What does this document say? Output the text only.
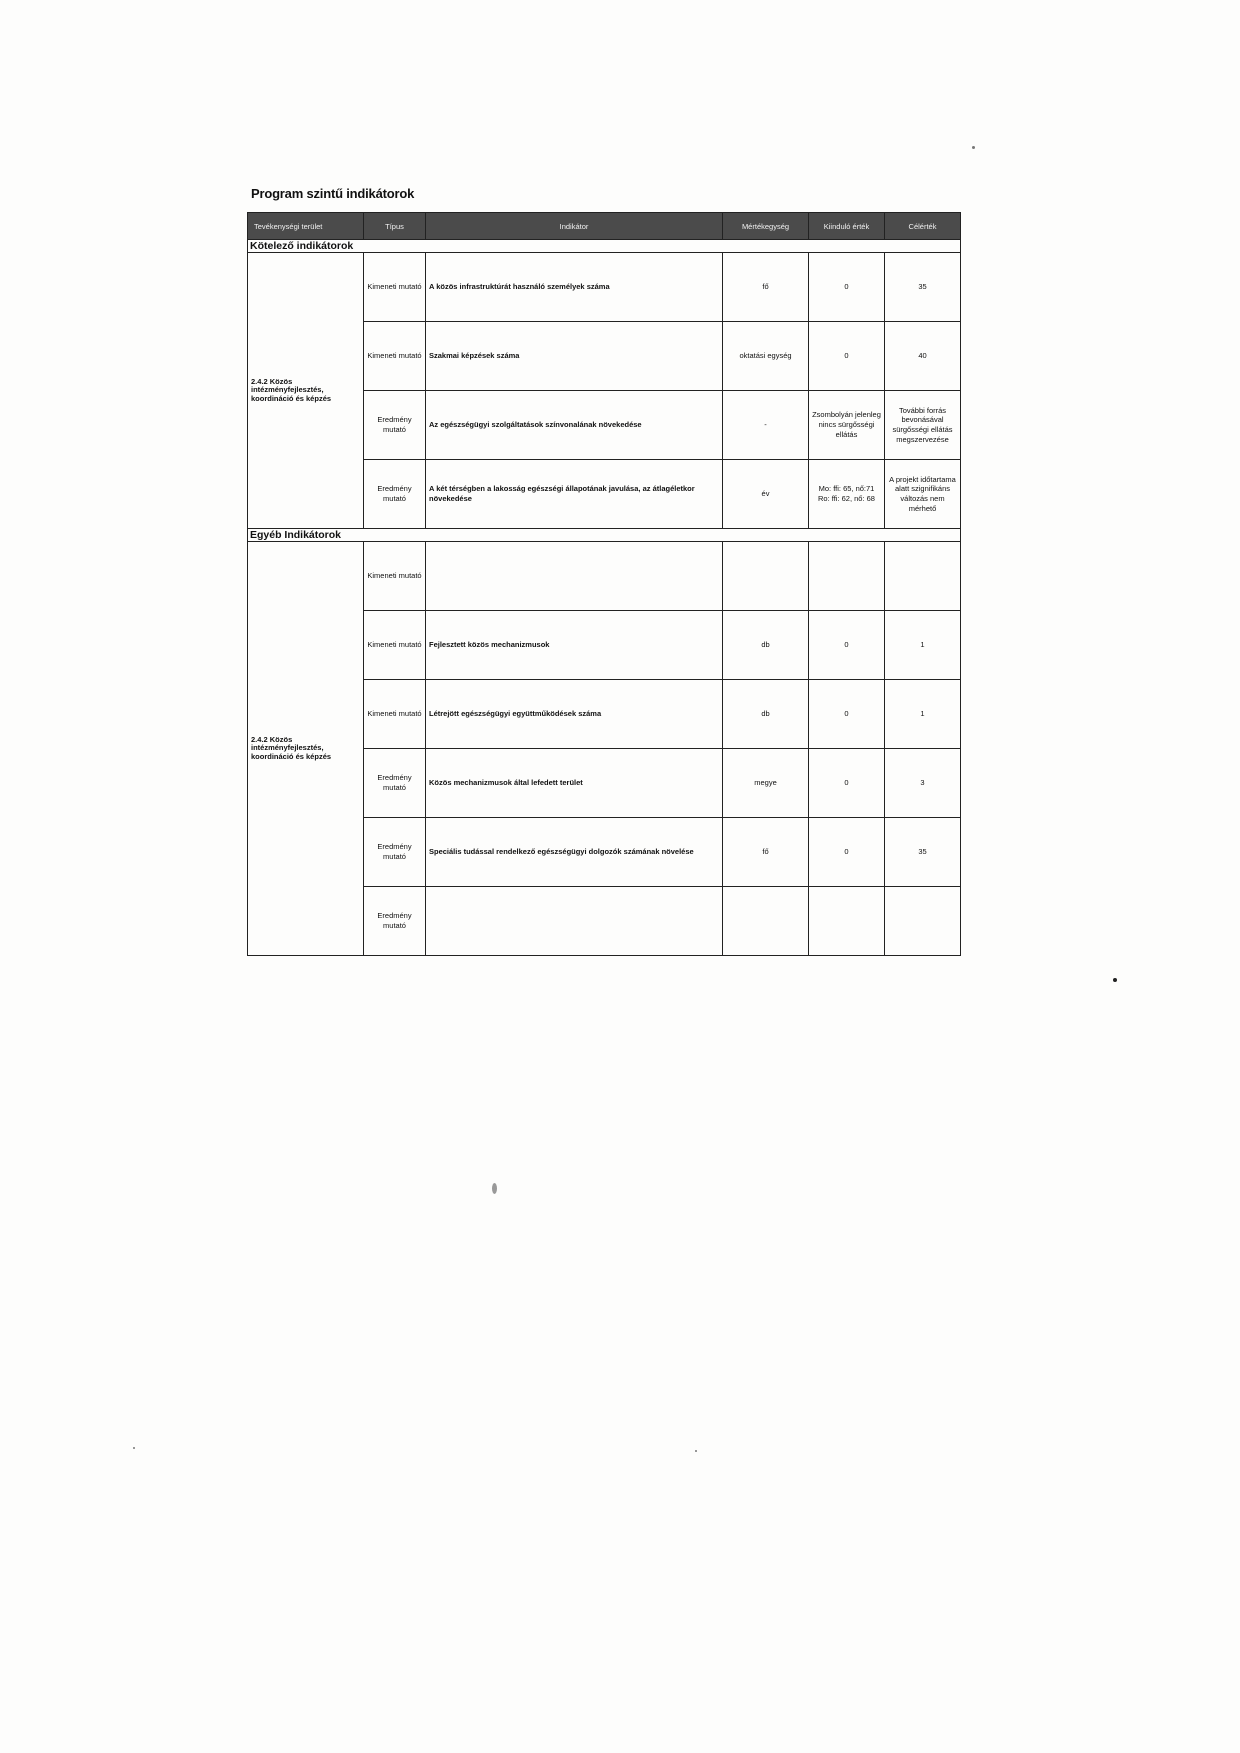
Program szintű indikátorok
Tevékenységi terület	Típus	Indikátor	Mértékegység	Kiinduló érték	Célérték
Kötelező indikátorok					
2.4.2 Közös intézményfejlesztés, koordináció és képzés	Kimeneti mutató	A közös infrastruktúrát használó személyek száma	fő	0	35
	Kimeneti mutató	Szakmai képzések száma	oktatási egység	0	40
	Eredmény mutató	Az egészségügyi szolgáltatások színvonalának növekedése	-	Zsombolyán jelenleg nincs sürgősségi ellátás	További forrás bevonásával sürgősségi ellátás megszervezése
	Eredmény mutató	A két térségben a lakosság egészségi állapotának javulása, az átlagéletkor növekedése	év	Mo: ffi: 65, nő:71 Ro: ffi: 62, nő: 68	A projekt időtartama alatt szignifikáns változás nem mérhető
Egyéb Indikátorok					
2.4.2 Közös intézményfejlesztés, koordináció és képzés	Kimeneti mutató				
	Kimeneti mutató	Fejlesztett közös mechanizmusok	db	0	1
	Kimeneti mutató	Létrejött egészségügyi együttműködések száma	db	0	1
	Eredmény mutató	Közös mechanizmusok által lefedett terület	megye	0	3
	Eredmény mutató	Speciális tudással rendelkező egészségügyi dolgozók számának növelése	fő	0	35
	Eredmény mutató				
